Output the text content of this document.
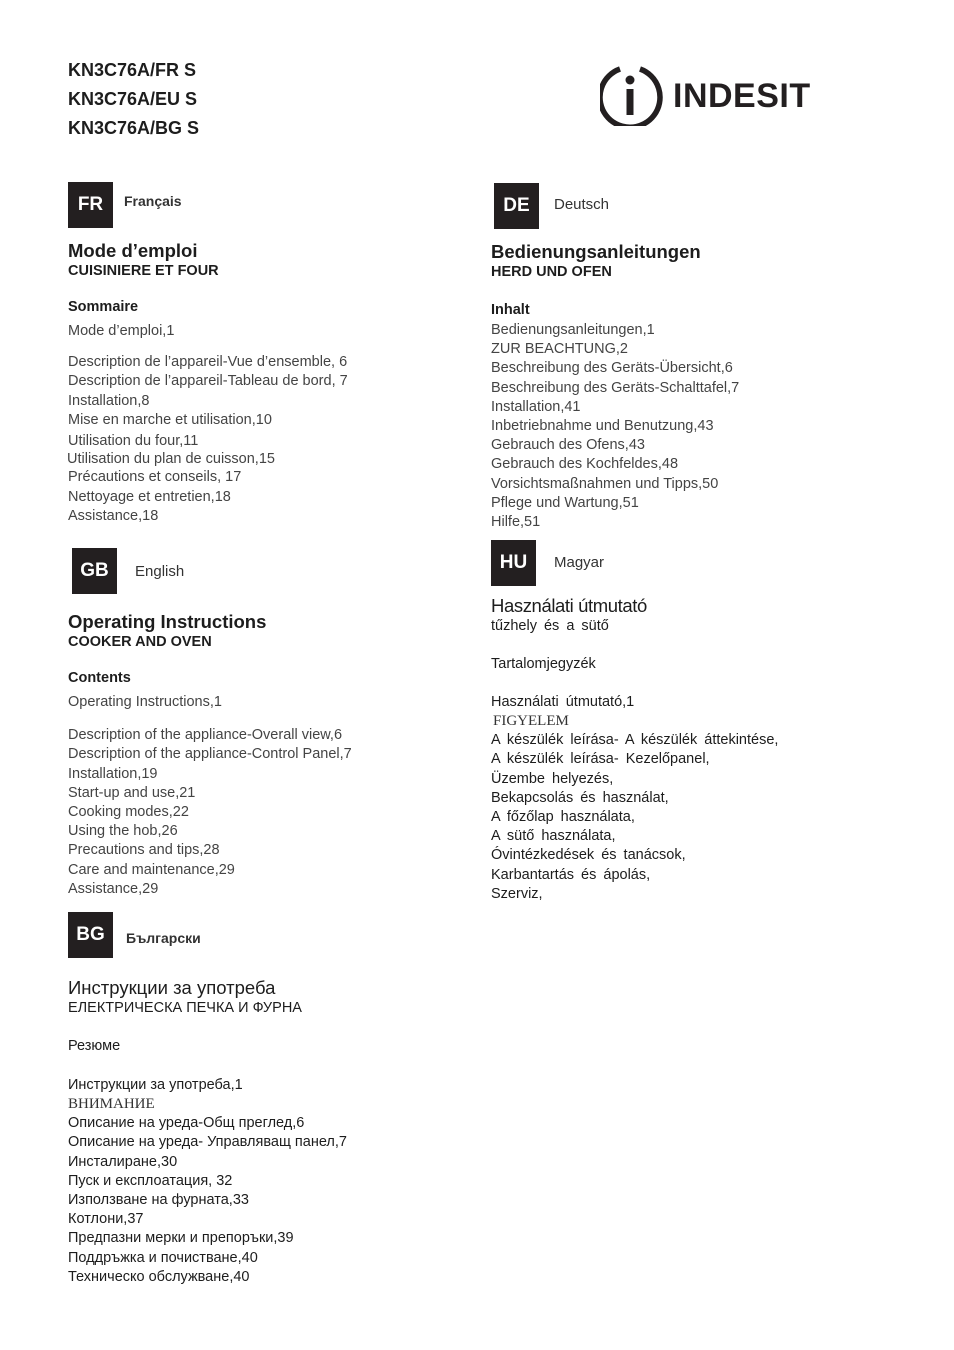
KN3C76A/FR S
KN3C76A/EU S
KN3C76A/BG S
INDESIT
FR	Français
Mode d’emploi
CUISINIERE ET FOUR
Sommaire
Mode d’emploi,1
Description de l’appareil-Vue d’ensemble, 6
Description de l’appareil-Tableau de bord, 7
Installation,8
Mise en marche et utilisation,10
Utilisation du four,11
Utilisation du plan de cuisson,15
Précautions et conseils, 17
Nettoyage et entretien,18
Assistance,18
GB	English
Operating Instructions
COOKER AND OVEN
Contents
Operating Instructions,1
Description of the appliance-Overall view,6
Description of the appliance-Control Panel,7
Installation,19
Start-up and use,21
Cooking modes,22
Using the hob,26
Precautions and tips,28
Care and maintenance,29
Assistance,29
BG	Български
Инструкции за употреба
ЕЛЕКТРИЧЕСКА ПЕЧКА И ФУРНА
Резюме
Инструкции за употреба,1
ВНИМАНИЕ
Описание на уреда-Общ преглед,6
Описание на уреда- Управляващ панел,7
Инсталиране,30
Пуск и експлоатация, 32
Използване на фурната,33
Котлони,37
Предпазни мерки и препоръки,39
Поддръжка и почистване,40
Техническо обслужване,40
DE	Deutsch
Bedienungsanleitungen
HERD UND OFEN
Inhalt
Bedienungsanleitungen,1
ZUR BEACHTUNG,2
Beschreibung des Geräts-Übersicht,6
Beschreibung des Geräts-Schalttafel,7
Installation,41
Inbetriebnahme und Benutzung,43
Gebrauch des Ofens,43
Gebrauch des Kochfeldes,48
Vorsichtsmaßnahmen und Tipps,50
Pflege und Wartung,51
Hilfe,51
HU	Magyar
Használati útmutató
tűzhely és a sütő
Tartalomjegyzék
Használati útmutató,1
FIGYELEM
A készülék leírása- A készülék áttekintése,
A készülék leírása- Kezelőpanel,
Üzembe helyezés,
Bekapcsolás és használat,
A főzőlap használata,
A sütő használata,
Óvintézkedések és tanácsok,
Karbantartás és ápolás,
Szerviz,
